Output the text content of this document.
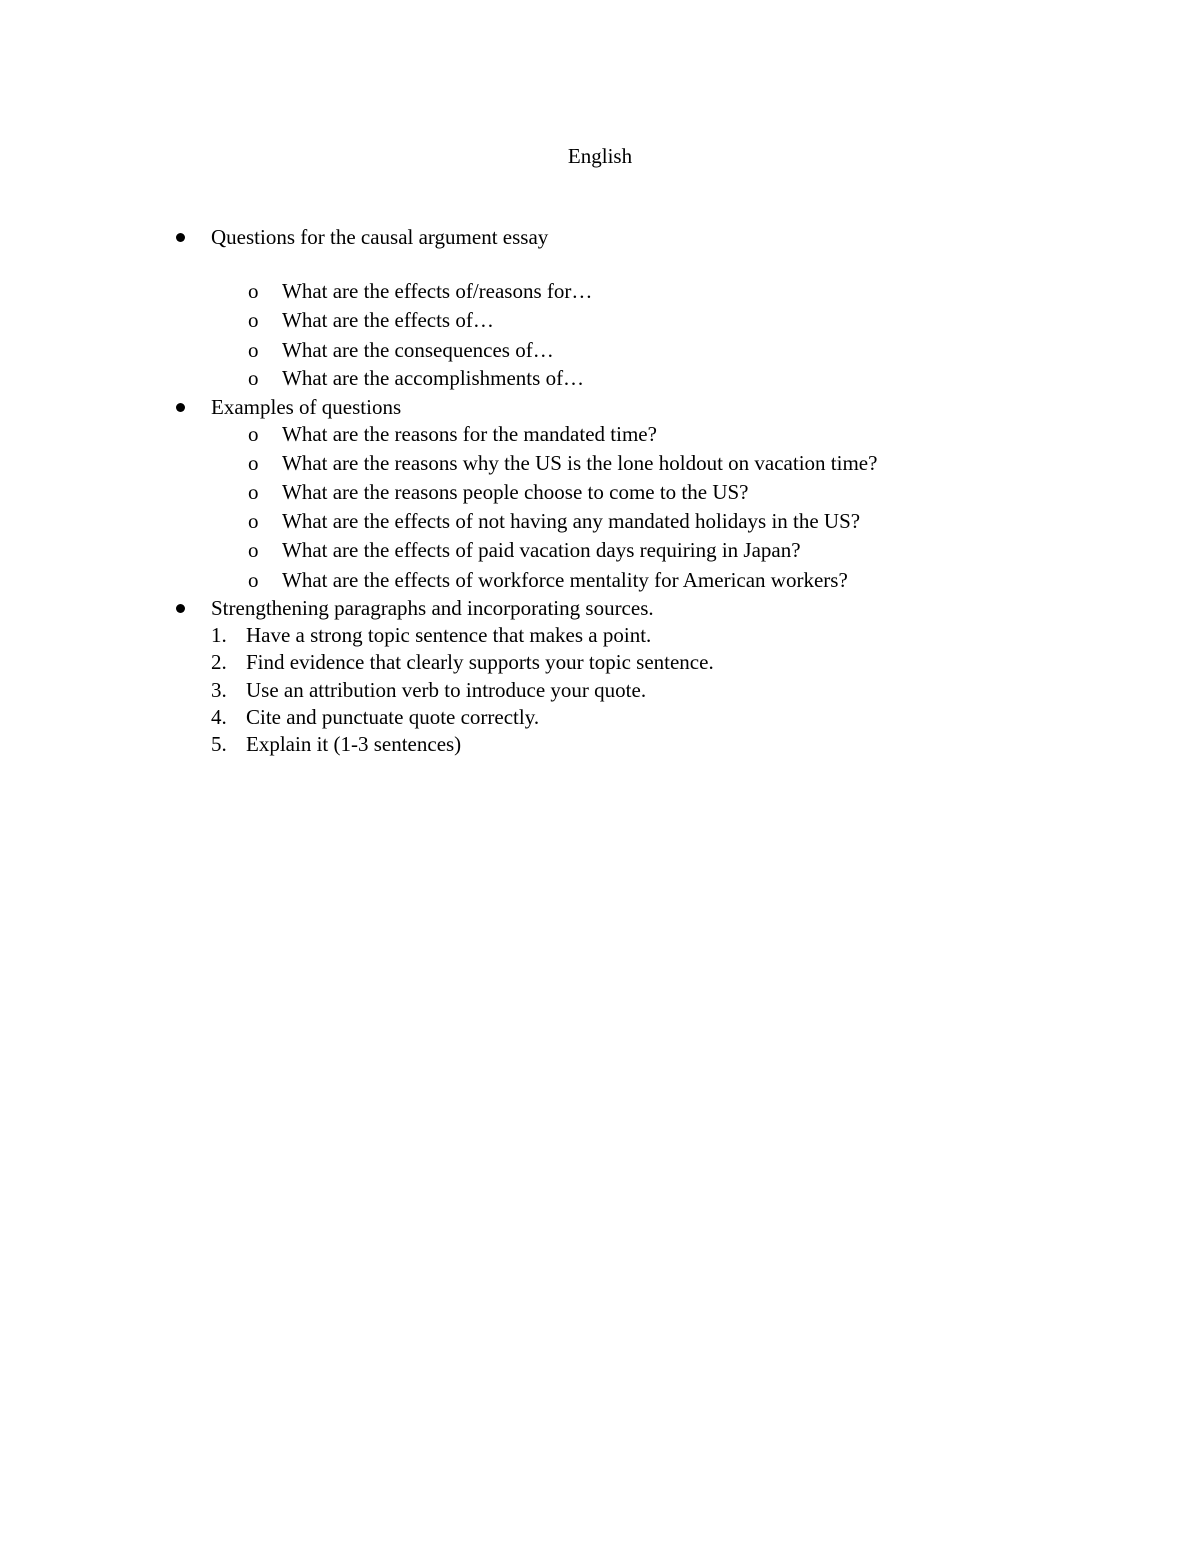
English
Questions for the causal argument essay
o What are the effects of/reasons for…
o What are the effects of…
o What are the consequences of…
o What are the accomplishments of…
Examples of questions
o What are the reasons for the mandated time?
o What are the reasons why the US is the lone holdout on vacation time?
o What are the reasons people choose to come to the US?
o What are the effects of not having any mandated holidays in the US?
o What are the effects of paid vacation days requiring in Japan?
o What are the effects of workforce mentality for American workers?
Strengthening paragraphs and incorporating sources.
1. Have a strong topic sentence that makes a point.
2. Find evidence that clearly supports your topic sentence.
3. Use an attribution verb to introduce your quote.
4. Cite and punctuate quote correctly.
5. Explain it (1-3 sentences)
